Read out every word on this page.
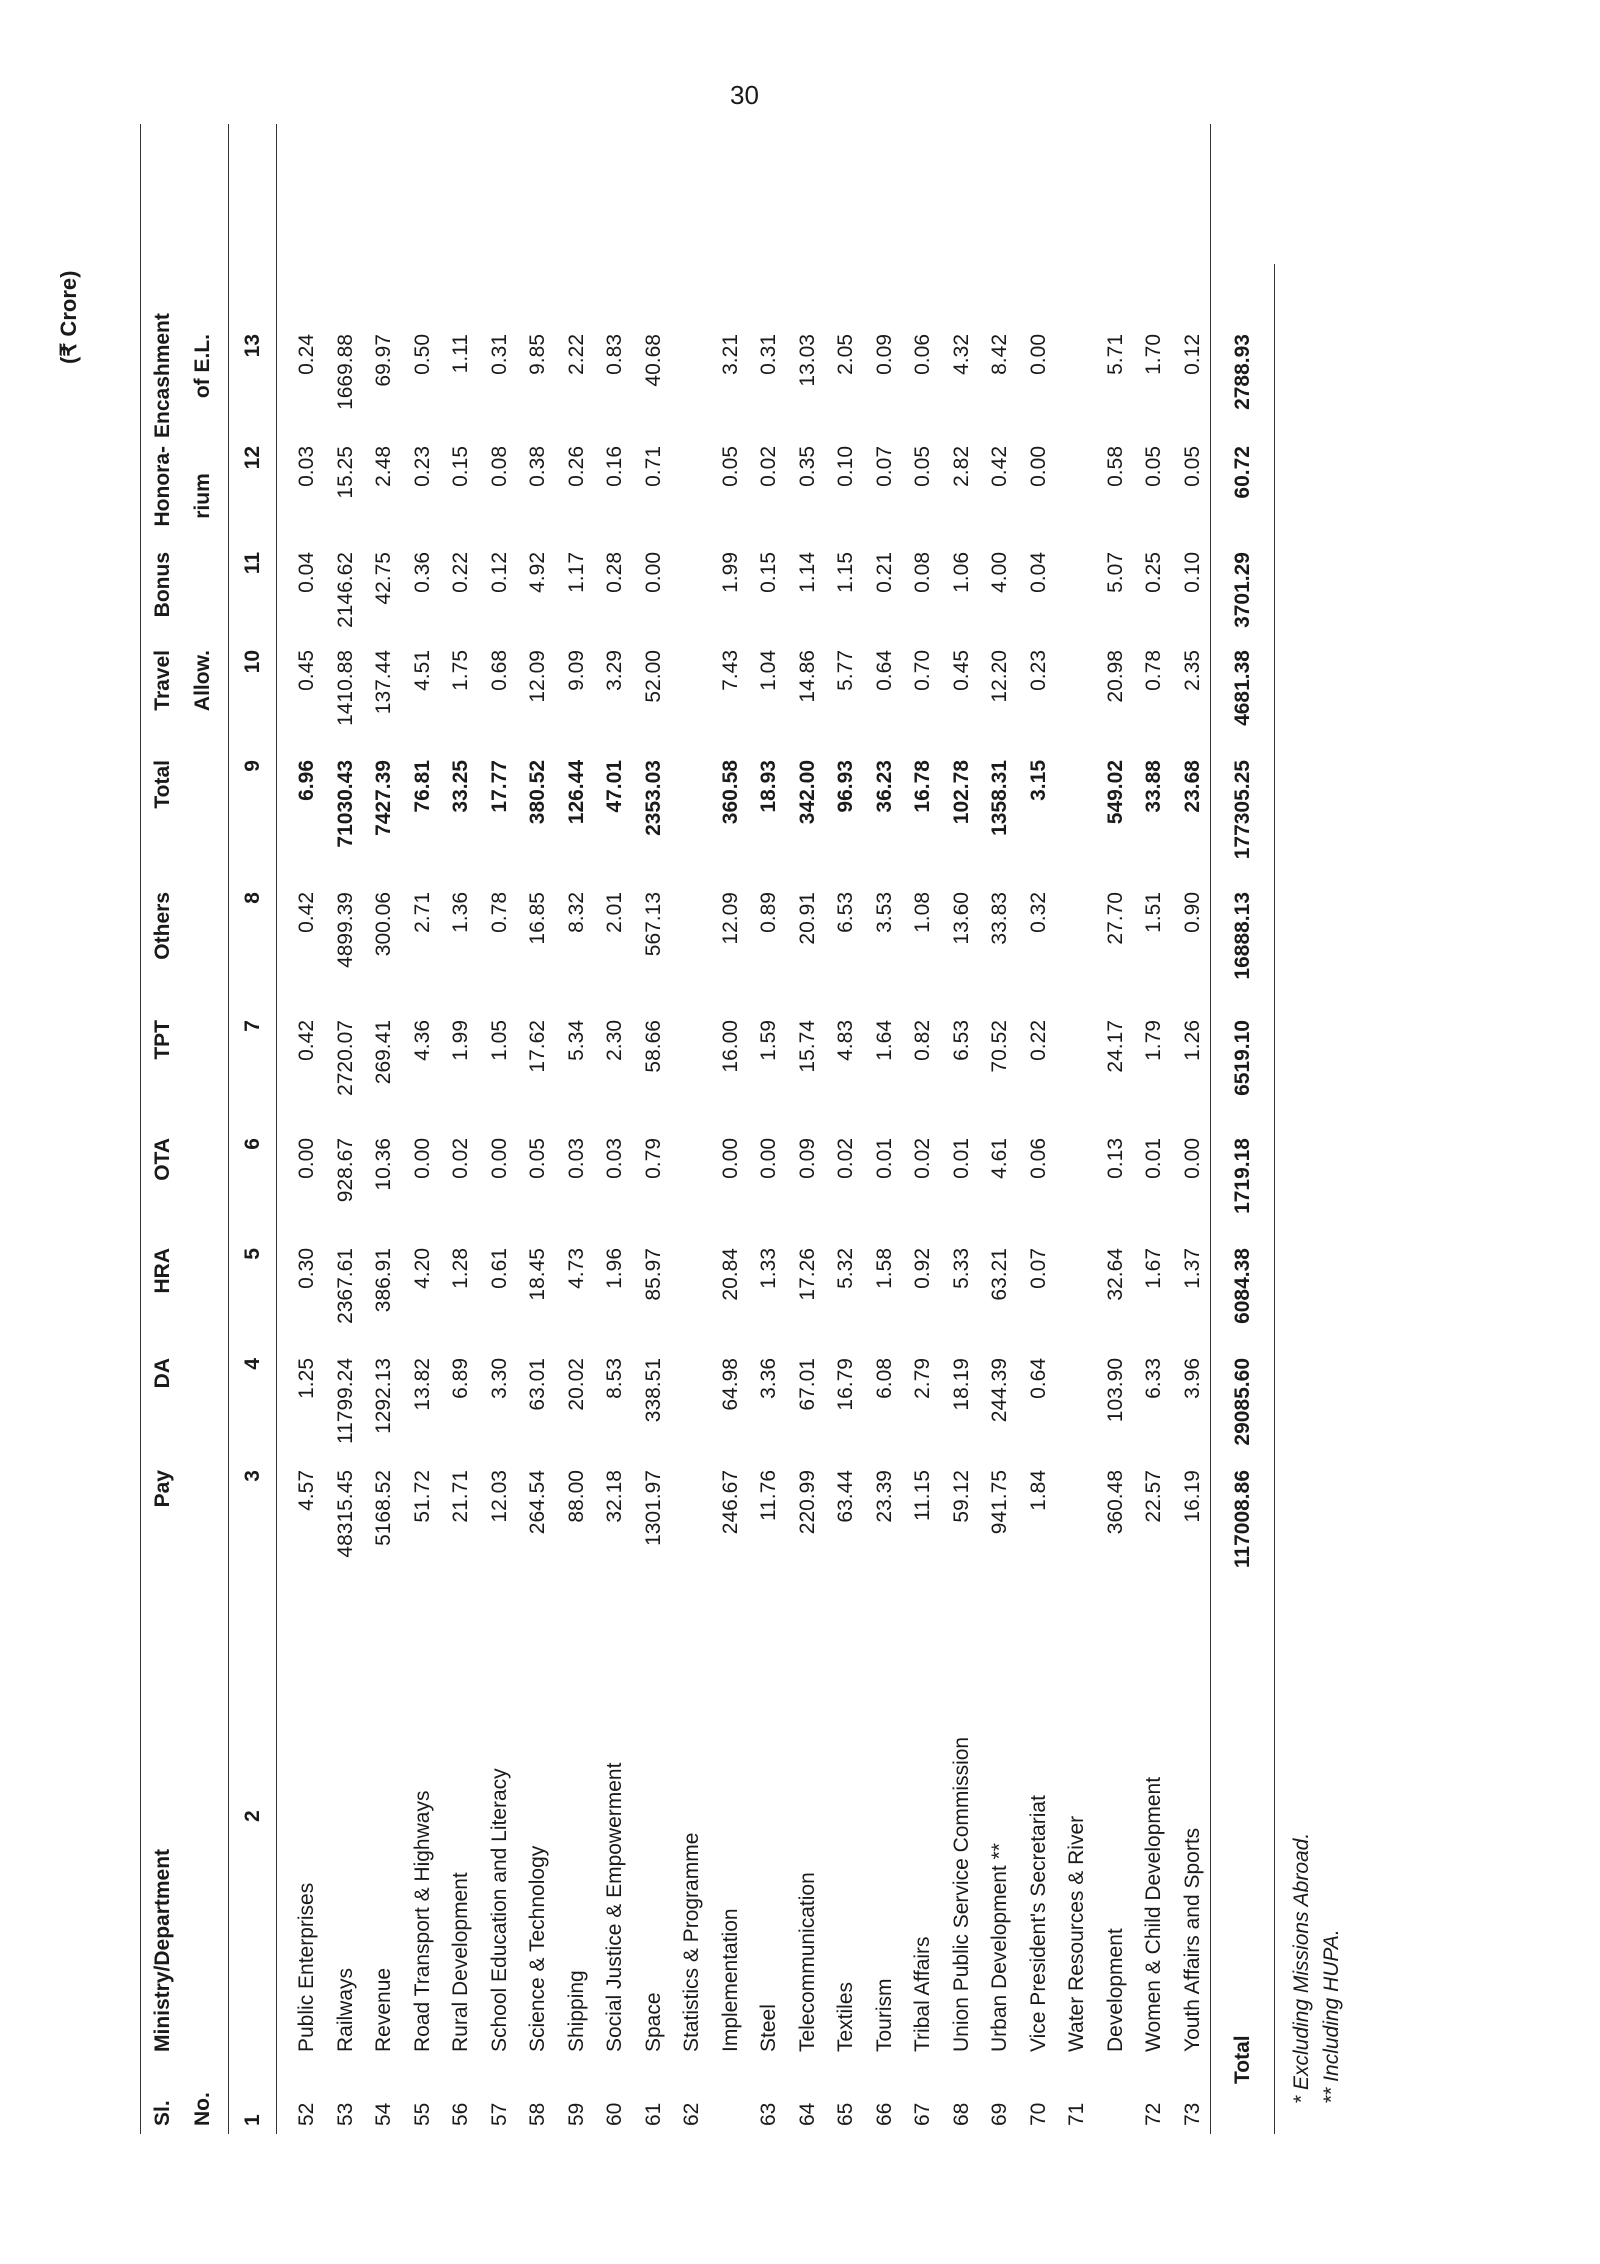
30
(₹ Crore)
Sl.
Ministry/Department
Pay
DA
HRA
OTA
TPT
Others
Total
Travel
Bonus
Honora-
Encashment
No.
Allow.
rium
of E.L.
1
2
3
4
5
6
7
8
9
10
11
12
13
52
Public Enterprises
4.57
1.25
0.30
0.00
0.42
0.42
6.96
0.45
0.04
0.03
0.24
53
Railways
48315.45
11799.24
2367.61
928.67
2720.07
4899.39
71030.43
1410.88
2146.62
15.25
1669.88
54
Revenue
5168.52
1292.13
386.91
10.36
269.41
300.06
7427.39
137.44
42.75
2.48
69.97
55
Road Transport & Highways
51.72
13.82
4.20
0.00
4.36
2.71
76.81
4.51
0.36
0.23
0.50
56
Rural Development
21.71
6.89
1.28
0.02
1.99
1.36
33.25
1.75
0.22
0.15
1.11
57
School Education and Literacy
12.03
3.30
0.61
0.00
1.05
0.78
17.77
0.68
0.12
0.08
0.31
58
Science & Technology
264.54
63.01
18.45
0.05
17.62
16.85
380.52
12.09
4.92
0.38
9.85
59
Shipping
88.00
20.02
4.73
0.03
5.34
8.32
126.44
9.09
1.17
0.26
2.22
60
Social Justice & Empowerment
32.18
8.53
1.96
0.03
2.30
2.01
47.01
3.29
0.28
0.16
0.83
61
Space
1301.97
338.51
85.97
0.79
58.66
567.13
2353.03
52.00
0.00
0.71
40.68
62
Statistics & Programme Implementation
246.67
64.98
20.84
0.00
16.00
12.09
360.58
7.43
1.99
0.05
3.21
63
Steel
11.76
3.36
1.33
0.00
1.59
0.89
18.93
1.04
0.15
0.02
0.31
64
Telecommunication
220.99
67.01
17.26
0.09
15.74
20.91
342.00
14.86
1.14
0.35
13.03
65
Textiles
63.44
16.79
5.32
0.02
4.83
6.53
96.93
5.77
1.15
0.10
2.05
66
Tourism
23.39
6.08
1.58
0.01
1.64
3.53
36.23
0.64
0.21
0.07
0.09
67
Tribal Affairs
11.15
2.79
0.92
0.02
0.82
1.08
16.78
0.70
0.08
0.05
0.06
68
Union Public Service Commission
59.12
18.19
5.33
0.01
6.53
13.60
102.78
0.45
1.06
2.82
4.32
69
Urban Development **
941.75
244.39
63.21
4.61
70.52
33.83
1358.31
12.20
4.00
0.42
8.42
70
Vice President's Secretariat
1.84
0.64
0.07
0.06
0.22
0.32
3.15
0.23
0.04
0.00
0.00
71
Water Resources & River Development
360.48
103.90
32.64
0.13
24.17
27.70
549.02
20.98
5.07
0.58
5.71
72
Women & Child Development
22.57
6.33
1.67
0.01
1.79
1.51
33.88
0.78
0.25
0.05
1.70
73
Youth Affairs and Sports
16.19
3.96
1.37
0.00
1.26
0.90
23.68
2.35
0.10
0.05
0.12
Total
117008.86
29085.60
6084.38
1719.18
6519.10
16888.13
177305.25
4681.38
3701.29
60.72
2788.93
* Excluding Missions Abroad. ** Including HUPA.
